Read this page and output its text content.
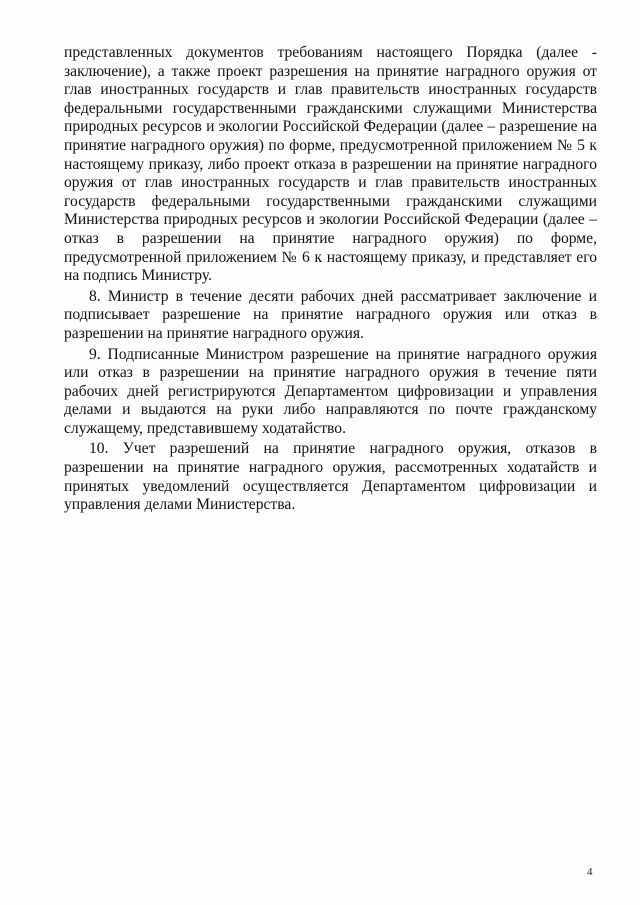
представленных документов требованиям настоящего Порядка (далее - заключение), а также проект разрешения на принятие наградного оружия от глав иностранных государств и глав правительств иностранных государств федеральными государственными гражданскими служащими Министерства природных ресурсов и экологии Российской Федерации (далее – разрешение на принятие наградного оружия) по форме, предусмотренной приложением № 5 к настоящему приказу, либо проект отказа в разрешении на принятие наградного оружия от глав иностранных государств и глав правительств иностранных государств федеральными государственными гражданскими служащими Министерства природных ресурсов и экологии Российской Федерации (далее – отказ в разрешении на принятие наградного оружия) по форме, предусмотренной приложением № 6 к настоящему приказу, и представляет его на подпись Министру.

8. Министр в течение десяти рабочих дней рассматривает заключение и подписывает разрешение на принятие наградного оружия или отказ в разрешении на принятие наградного оружия.

9. Подписанные Министром разрешение на принятие наградного оружия или отказ в разрешении на принятие наградного оружия в течение пяти рабочих дней регистрируются Департаментом цифровизации и управления делами и выдаются на руки либо направляются по почте гражданскому служащему, представившему ходатайство.

10. Учет разрешений на принятие наградного оружия, отказов в разрешении на принятие наградного оружия, рассмотренных ходатайств и принятых уведомлений осуществляется Департаментом цифровизации и управления делами Министерства.

4
